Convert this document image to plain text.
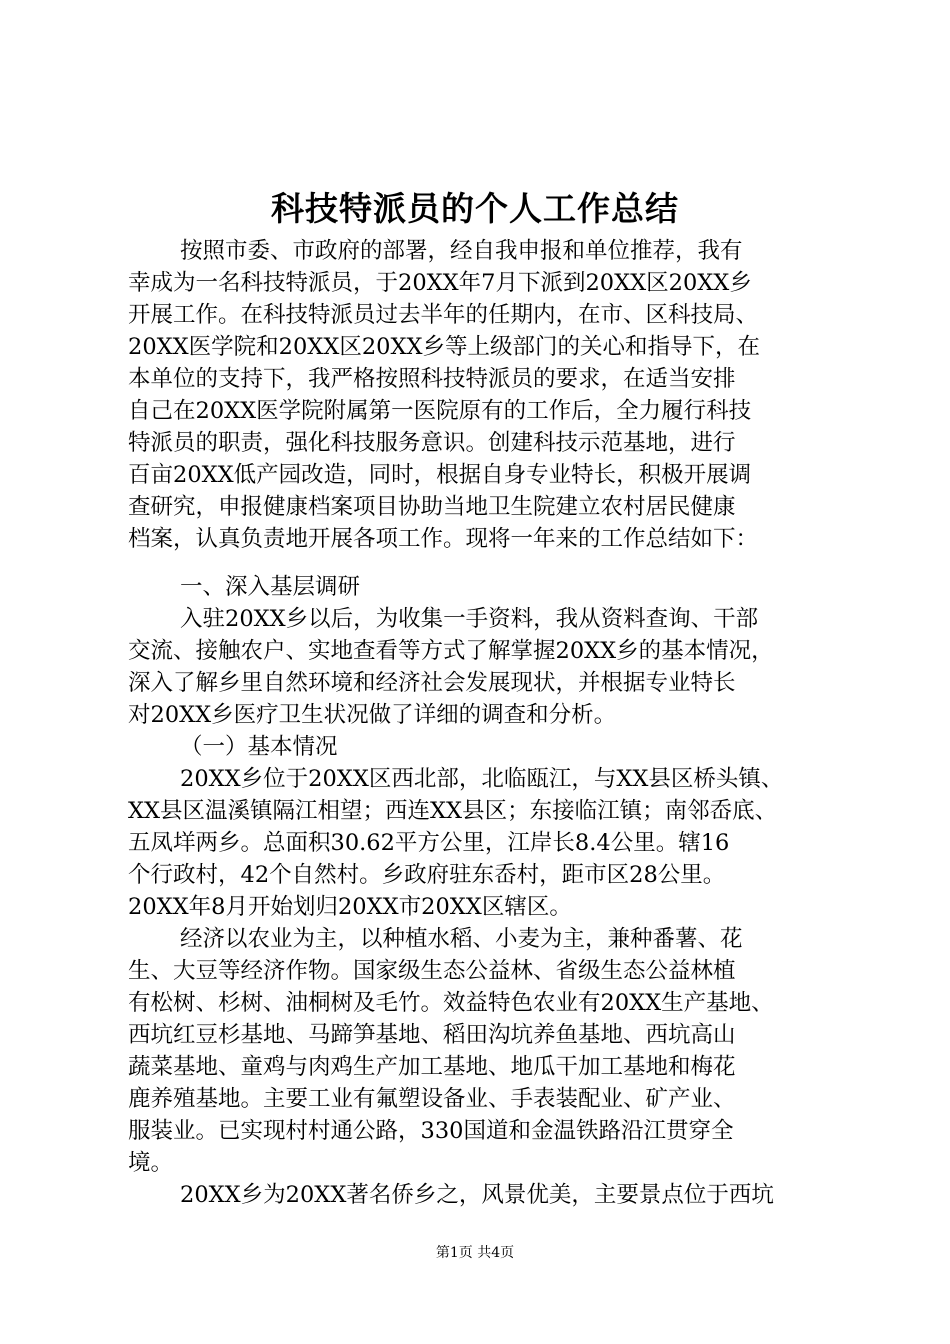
科技特派员的个人工作总结
按照市委、市政府的部署，经自我申报和单位推荐，我有
幸成为一名科技特派员，于20XX年7月下派到20XX区20XX乡
开展工作。在科技特派员过去半年的任期内，在市、区科技局、
20XX医学院和20XX区20XX乡等上级部门的关心和指导下，在
本单位的支持下，我严格按照科技特派员的要求，在适当安排
自己在20XX医学院附属第一医院原有的工作后，全力履行科技
特派员的职责，强化科技服务意识。创建科技示范基地，进行
百亩20XX低产园改造，同时，根据自身专业特长，积极开展调
查研究，申报健康档案项目协助当地卫生院建立农村居民健康
档案，认真负责地开展各项工作。现将一年来的工作总结如下：
一、深入基层调研
入驻20XX乡以后，为收集一手资料，我从资料查询、干部
交流、接触农户、实地查看等方式了解掌握20XX乡的基本情况，
深入了解乡里自然环境和经济社会发展现状，并根据专业特长
对20XX乡医疗卫生状况做了详细的调查和分析。
（一）基本情况
20XX乡位于20XX区西北部，北临瓯江，与XX县区桥头镇、
XX县区温溪镇隔江相望；西连XX县区；东接临江镇；南邻岙底、
五凤垟两乡。总面积30.62平方公里，江岸长8.4公里。辖16
个行政村，42个自然村。乡政府驻东岙村，距市区28公里。
20XX年8月开始划归20XX市20XX区辖区。
经济以农业为主，以种植水稻、小麦为主，兼种番薯、花
生、大豆等经济作物。国家级生态公益林、省级生态公益林植
有松树、杉树、油桐树及毛竹。效益特色农业有20XX生产基地、
西坑红豆杉基地、马蹄笋基地、稻田沟坑养鱼基地、西坑高山
蔬菜基地、童鸡与肉鸡生产加工基地、地瓜干加工基地和梅花
鹿养殖基地。主要工业有氟塑设备业、手表装配业、矿产业、
服装业。已实现村村通公路，330国道和金温铁路沿江贯穿全
境。
20XX乡为20XX著名侨乡之，风景优美，主要景点位于西坑
第1页 共4页
